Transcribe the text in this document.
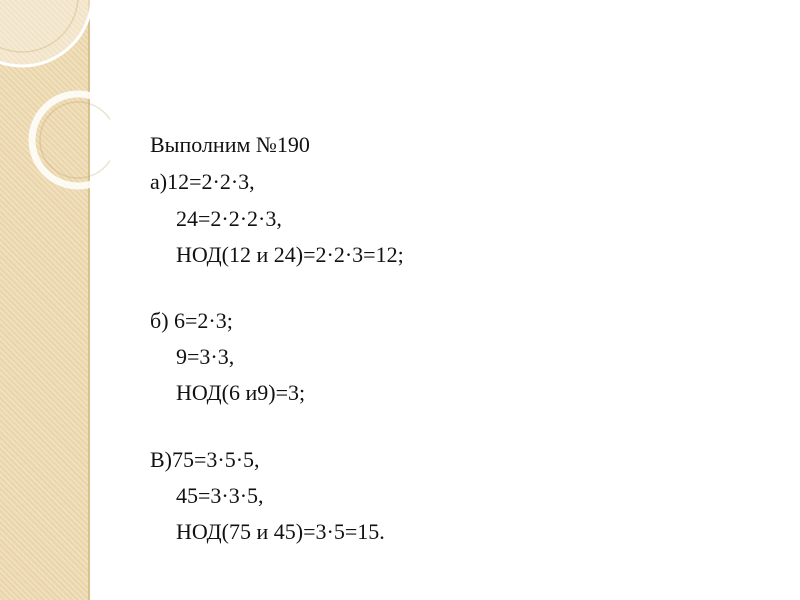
Выполним №190
а)12=2·2·3,
24=2·2·2·3,
НОД(12 и 24)=2·2·3=12;
б) 6=2·3;
9=3·3,
НОД(6 и9)=3;
В)75=3·5·5,
45=3·3·5,
НОД(75 и 45)=3·5=15.
